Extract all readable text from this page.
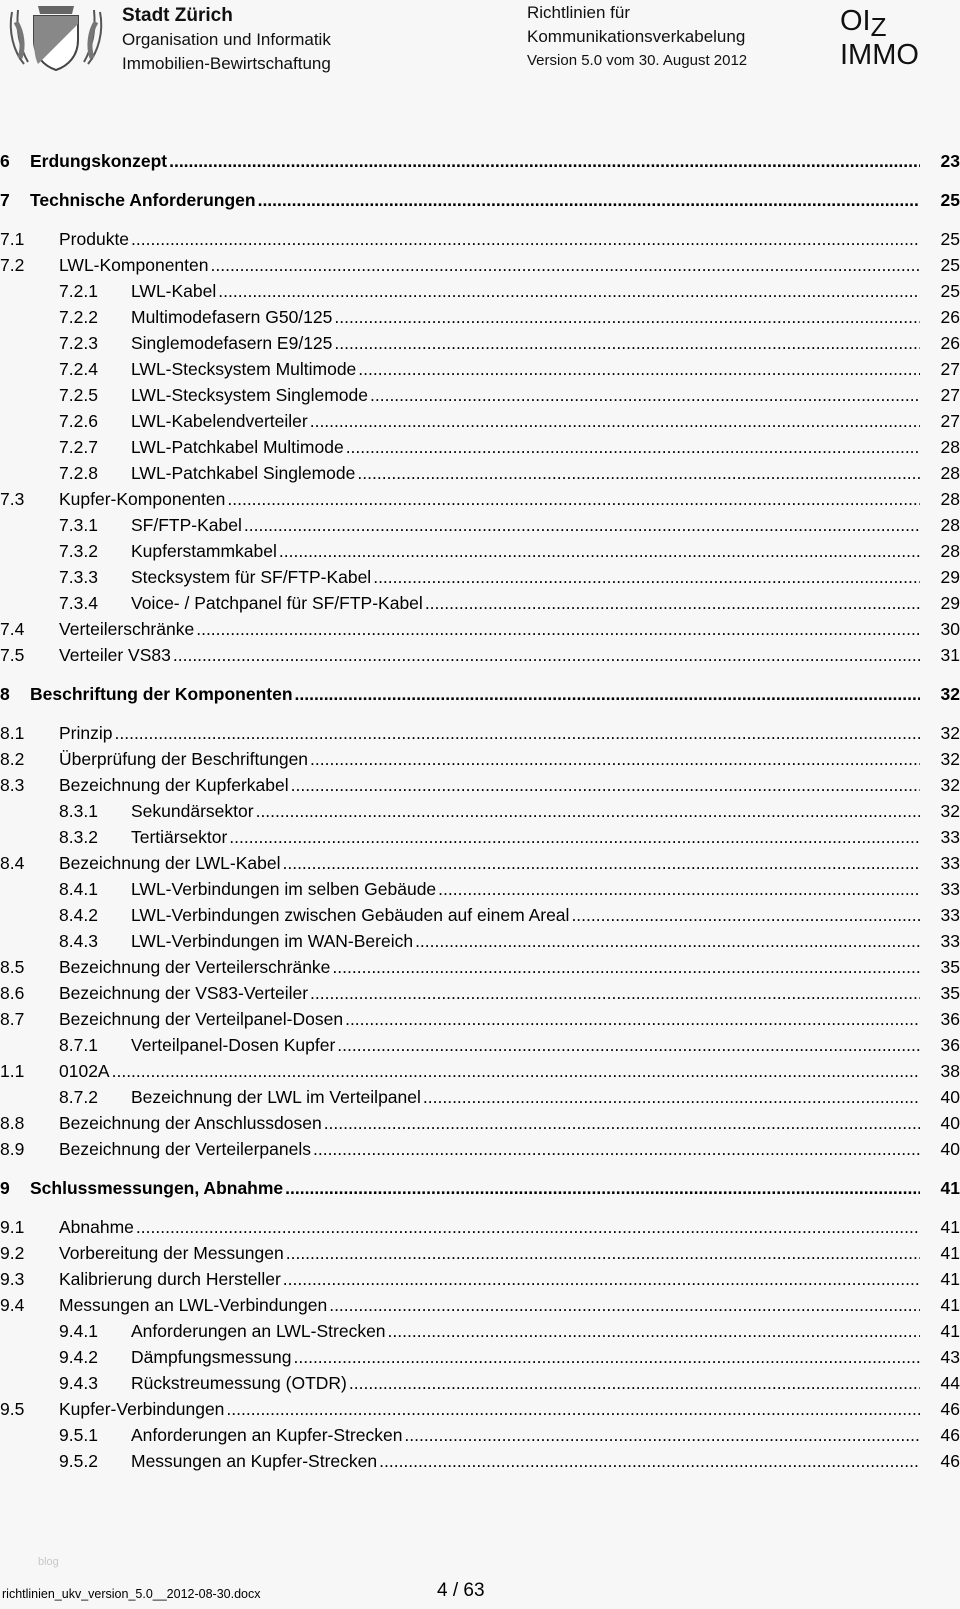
Stadt Zürich
Organisation und Informatik
Immobilien-Bewirtschaftung
Richtlinien für
Kommunikationsverkabelung
Version 5.0 vom 30. August 2012
OIZ
IMMO
6 Erdungskonzept .....	23
7 Technische Anforderungen .....	25
7.1 Produkte .....	25
7.2 LWL-Komponenten .....	25
7.2.1 LWL-Kabel .....	25
7.2.2 Multimodefasern G50/125 .....	26
7.2.3 Singlemodefasern E9/125 .....	26
7.2.4 LWL-Stecksystem Multimode .....	27
7.2.5 LWL-Stecksystem Singlemode .....	27
7.2.6 LWL-Kabelendverteiler .....	27
7.2.7 LWL-Patchkabel Multimode .....	28
7.2.8 LWL-Patchkabel Singlemode .....	28
7.3 Kupfer-Komponenten .....	28
7.3.1 SF/FTP-Kabel .....	28
7.3.2 Kupferstammkabel .....	28
7.3.3 Stecksystem für SF/FTP-Kabel .....	29
7.3.4 Voice- / Patchpanel für SF/FTP-Kabel .....	29
7.4 Verteilerschränke .....	30
7.5 Verteiler VS83 .....	31
8 Beschriftung der Komponenten .....	32
8.1 Prinzip .....	32
8.2 Überprüfung der Beschriftungen .....	32
8.3 Bezeichnung der Kupferkabel .....	32
8.3.1 Sekundärsektor .....	32
8.3.2 Tertiärsektor .....	33
8.4 Bezeichnung der LWL-Kabel .....	33
8.4.1 LWL-Verbindungen im selben Gebäude .....	33
8.4.2 LWL-Verbindungen zwischen Gebäuden auf einem Areal .....	33
8.4.3 LWL-Verbindungen im WAN-Bereich .....	33
8.5 Bezeichnung der Verteilerschränke .....	35
8.6 Bezeichnung der VS83-Verteiler .....	35
8.7 Bezeichnung der Verteilpanel-Dosen .....	36
8.7.1 Verteilpanel-Dosen Kupfer .....	36
1.1 0102A .....	38
8.7.2 Bezeichnung der LWL im Verteilpanel .....	40
8.8 Bezeichnung der Anschlussdosen .....	40
8.9 Bezeichnung der Verteilerpanels .....	40
9 Schlussmessungen, Abnahme .....	41
9.1 Abnahme .....	41
9.2 Vorbereitung der Messungen .....	41
9.3 Kalibrierung durch Hersteller .....	41
9.4 Messungen an LWL-Verbindungen .....	41
9.4.1 Anforderungen an LWL-Strecken .....	41
9.4.2 Dämpfungsmessung .....	43
9.4.3 Rückstreumessung (OTDR) .....	44
9.5 Kupfer-Verbindungen .....	46
9.5.1 Anforderungen an Kupfer-Strecken .....	46
9.5.2 Messungen an Kupfer-Strecken .....	46
blog
richtlinien_ukv_version_5.0__2012-08-30.docx	4 / 63
